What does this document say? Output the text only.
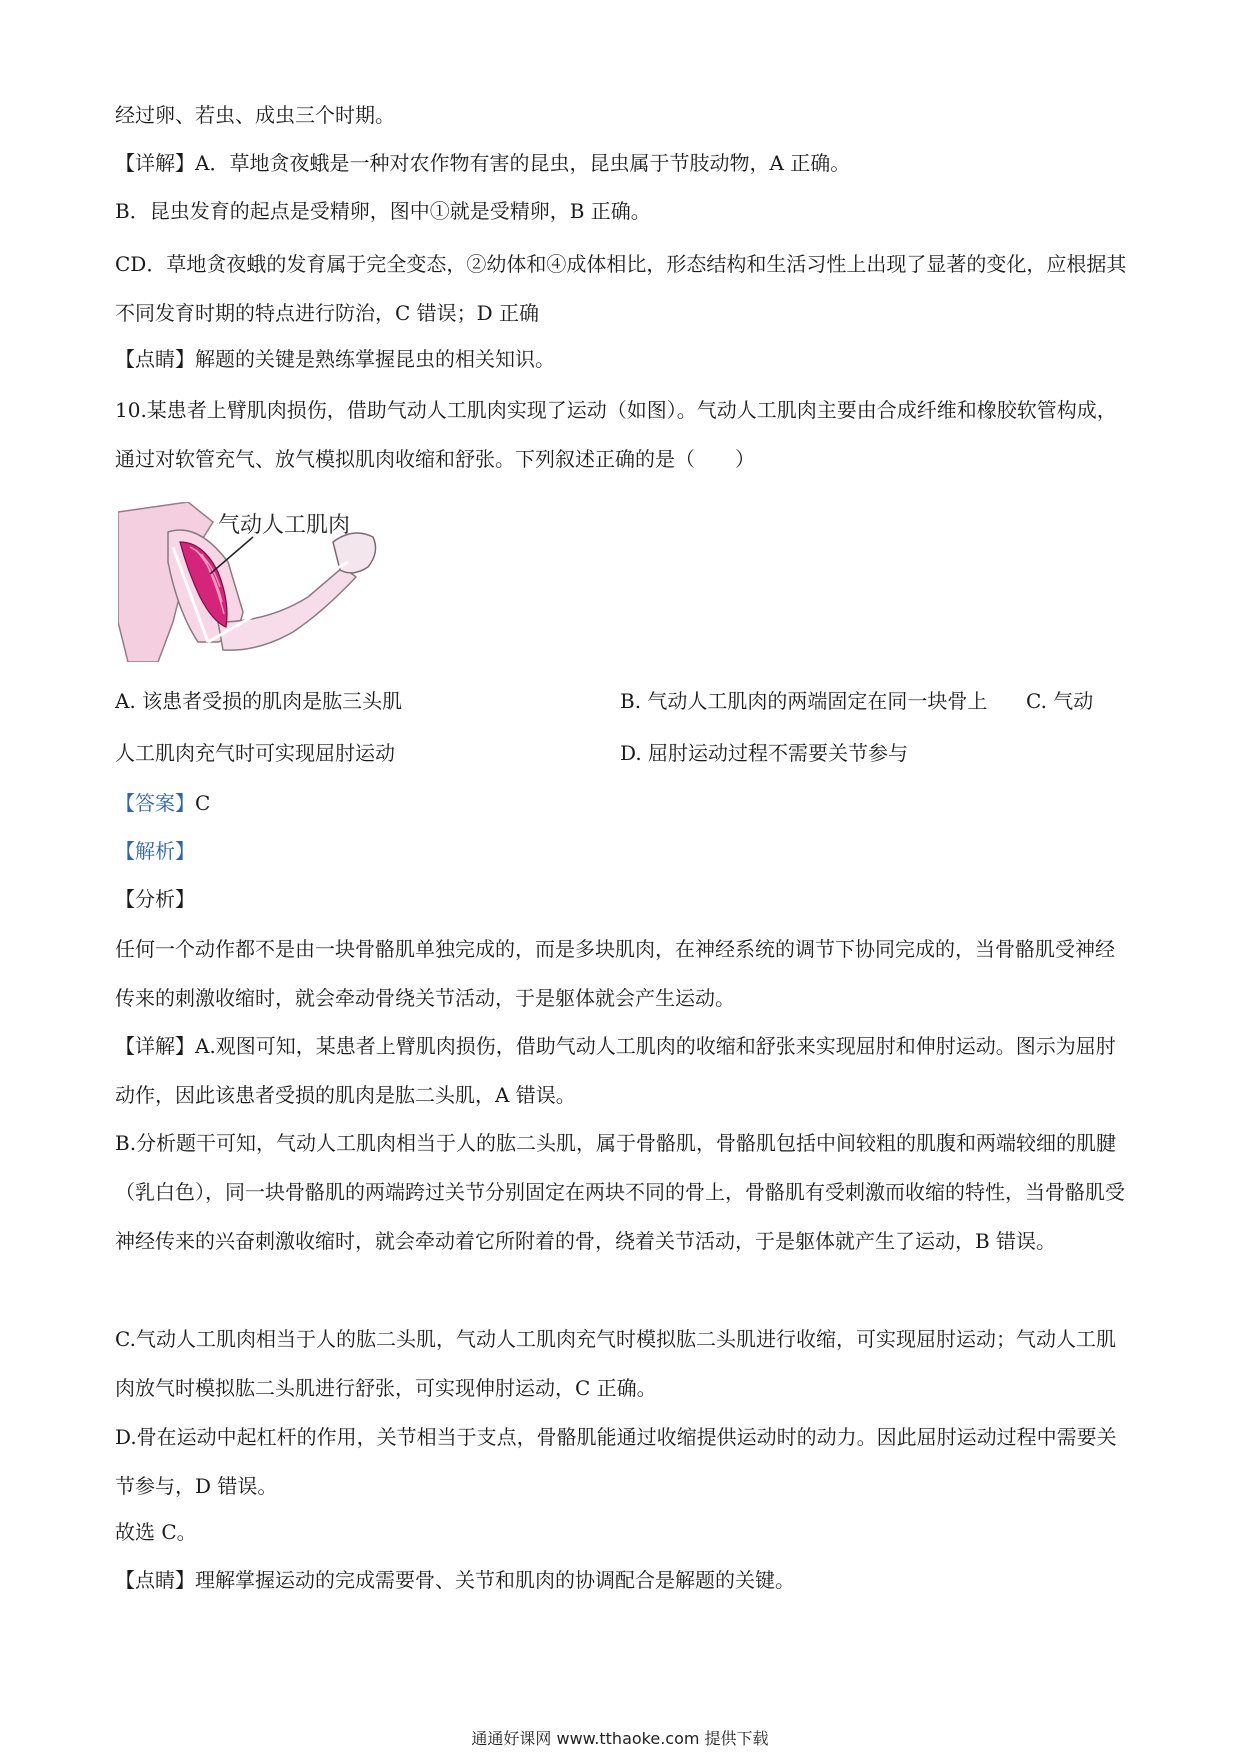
经过卵、若虫、成虫三个时期。

【详解】A．草地贪夜蛾是一种对农作物有害的昆虫，昆虫属于节肢动物，A 正确。

B．昆虫发育的起点是受精卵，图中①就是受精卵，B 正确。

CD．草地贪夜蛾的发育属于完全变态，②幼体和④成体相比，形态结构和生活习性上出现了显著的变化，应根据其不同发育时期的特点进行防治，C 错误；D 正确

【点睛】解题的关键是熟练掌握昆虫的相关知识。

10.某患者上臂肌肉损伤，借助气动人工肌肉实现了运动（如图）。气动人工肌肉主要由合成纤维和橡胶软管构成，通过对软管充气、放气模拟肌肉收缩和舒张。下列叙述正确的是（　　）

气动人工肌肉
A. 该患者受损的肌肉是肱三头肌	B. 气动人工肌肉的两端固定在同一块骨上 C. 气动
人工肌肉充气时可实现屈肘运动	D. 屈肘运动过程不需要关节参与

【答案】C

【解析】

【分析】

任何一个动作都不是由一块骨骼肌单独完成的，而是多块肌肉，在神经系统的调节下协同完成的，当骨骼肌受神经传来的刺激收缩时，就会牵动骨绕关节活动，于是躯体就会产生运动。

【详解】A.观图可知，某患者上臂肌肉损伤，借助气动人工肌肉的收缩和舒张来实现屈肘和伸肘运动。图示为屈肘动作，因此该患者受损的肌肉是肱二头肌，A 错误。

B.分析题干可知，气动人工肌肉相当于人的肱二头肌，属于骨骼肌，骨骼肌包括中间较粗的肌腹和两端较细的肌腱（乳白色），同一块骨骼肌的两端跨过关节分别固定在两块不同的骨上，骨骼肌有受刺激而收缩的特性，当骨骼肌受神经传来的兴奋刺激收缩时，就会牵动着它所附着的骨，绕着关节活动，于是躯体就产生了运动，B 错误。

C.气动人工肌肉相当于人的肱二头肌，气动人工肌肉充气时模拟肱二头肌进行收缩，可实现屈肘运动；气动人工肌肉放气时模拟肱二头肌进行舒张，可实现伸肘运动，C 正确。

D.骨在运动中起杠杆的作用，关节相当于支点，骨骼肌能通过收缩提供运动时的动力。因此屈肘运动过程中需要关节参与，D 错误。

故选 C。

【点睛】理解掌握运动的完成需要骨、关节和肌肉的协调配合是解题的关键。

通通好课网 www.tthaoke.com 提供下载
